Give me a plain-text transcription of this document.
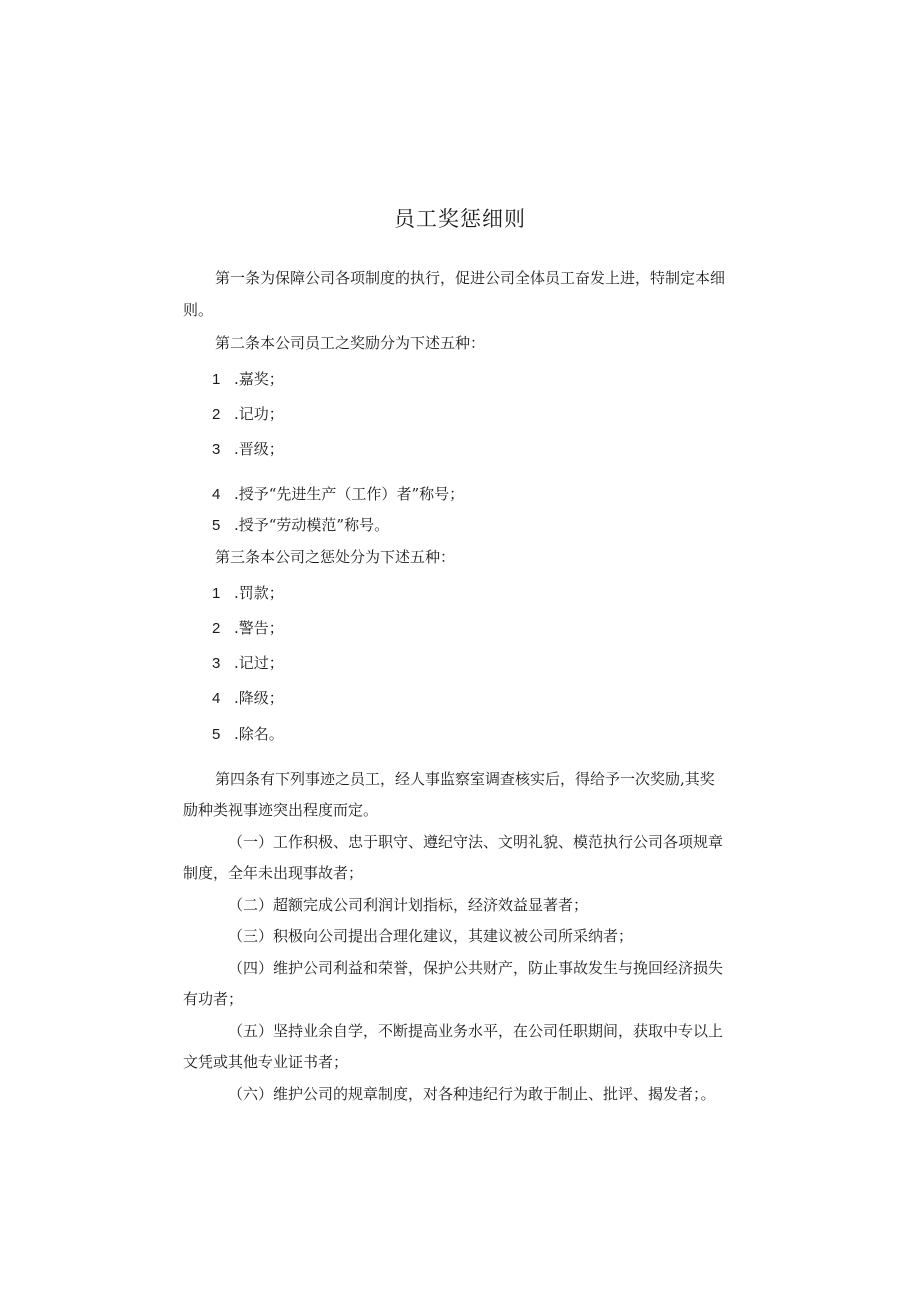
员工奖惩细则
第一条为保障公司各项制度的执行，促进公司全体员工奋发上进，特制定本细
则。
第二条本公司员工之奖励分为下述五种：
1 .嘉奖；
2 .记功；
3 .晋级；
4 .授予“先进生产（工作）者”称号；
5 .授予“劳动模范”称号。
第三条本公司之惩处分为下述五种：
1 .罚款；
2 .警告；
3 .记过；
4 .降级；
5 .除名。
第四条有下列事迹之员工，经人事监察室调查核实后，得给予一次奖励,其奖
励种类视事迹突出程度而定。
（一）工作积极、忠于职守、遵纪守法、文明礼貌、模范执行公司各项规章
制度，全年未出现事故者；
（二）超额完成公司利润计划指标，经济效益显著者；
（三）积极向公司提出合理化建议，其建议被公司所采纳者；
（四）维护公司利益和荣誉，保护公共财产，防止事故发生与挽回经济损失
有功者；
（五）坚持业余自学，不断提高业务水平，在公司任职期间，获取中专以上
文凭或其他专业证书者；
（六）维护公司的规章制度，对各种违纪行为敢于制止、批评、揭发者；。
